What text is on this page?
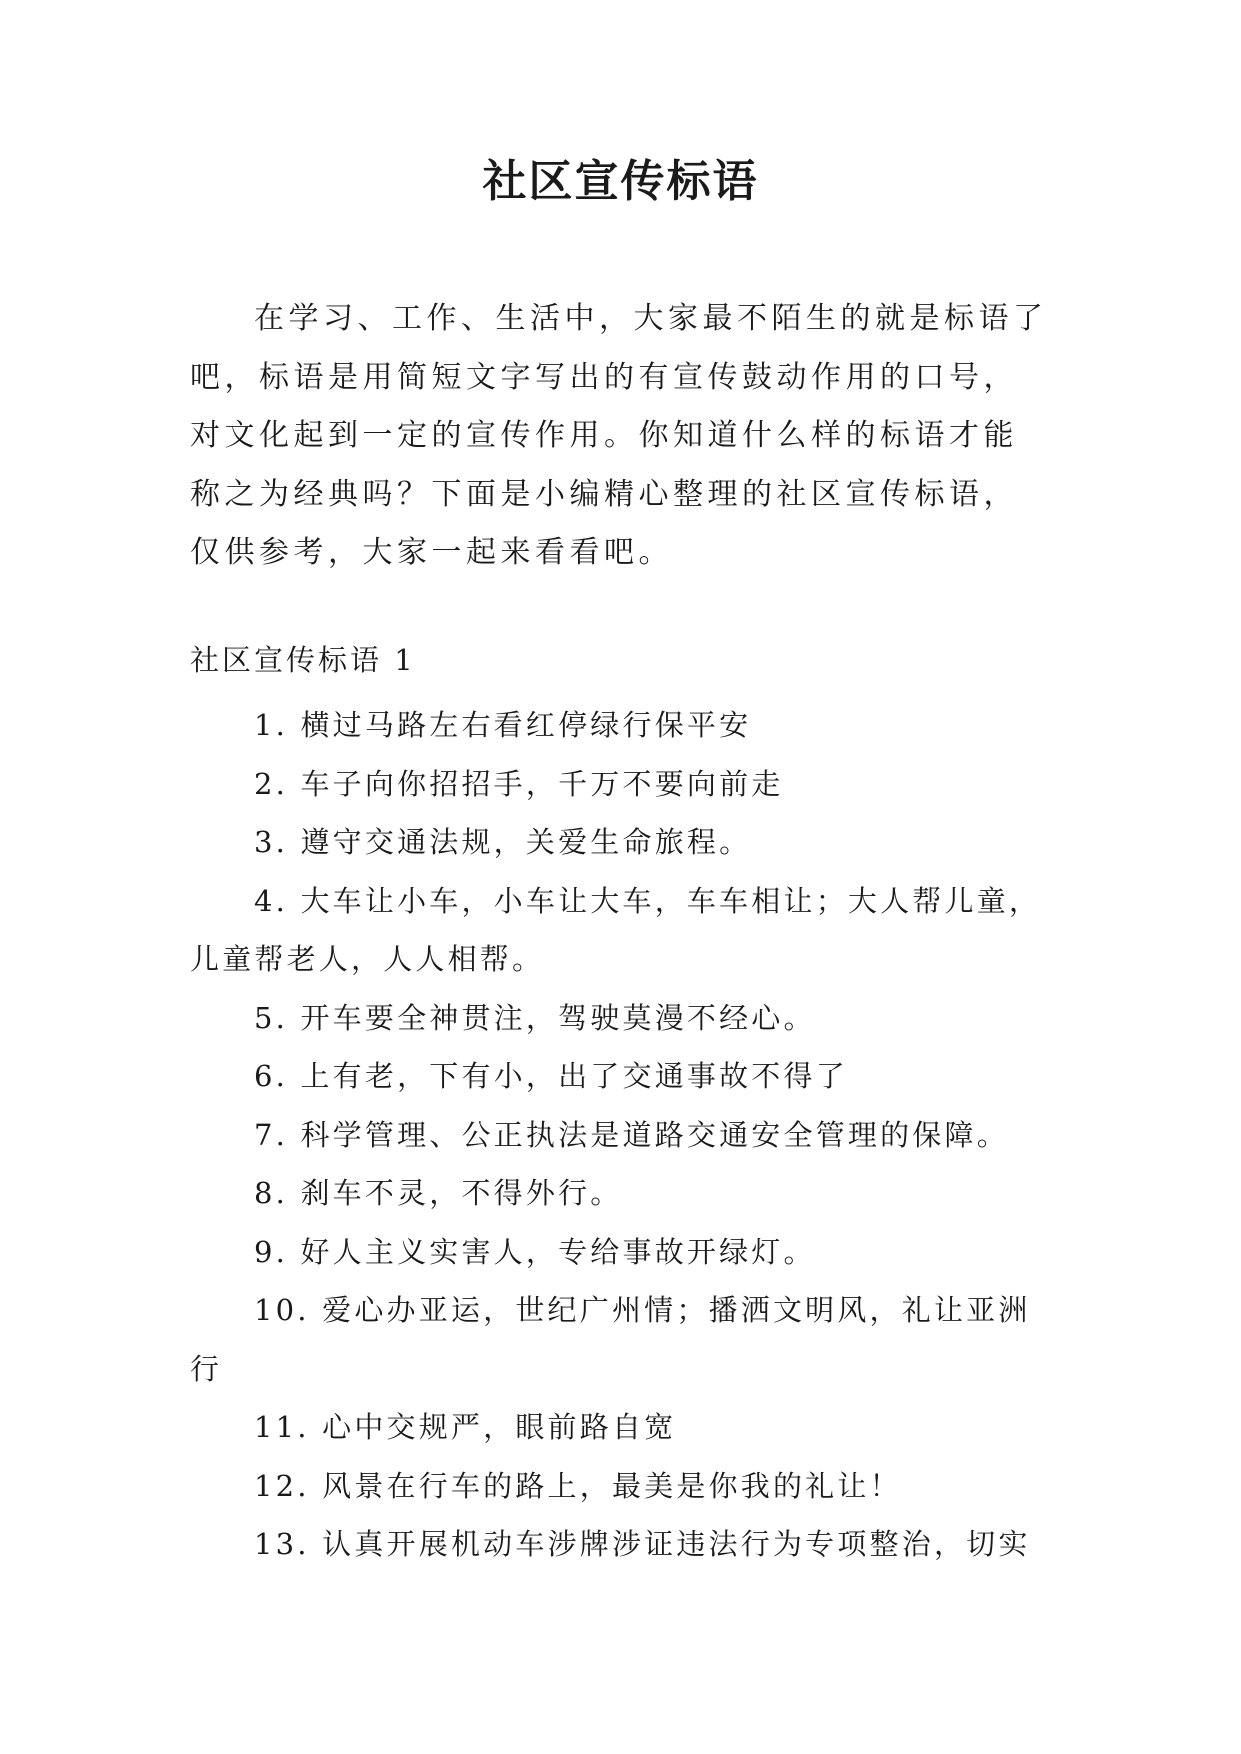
社区宣传标语

在学习、工作、生活中，大家最不陌生的就是标语了吧，标语是用简短文字写出的有宣传鼓动作用的口号，对文化起到一定的宣传作用。你知道什么样的标语才能称之为经典吗？下面是小编精心整理的社区宣传标语，仅供参考，大家一起来看看吧。

社区宣传标语 1

1. 横过马路左右看红停绿行保平安
2. 车子向你招招手，千万不要向前走
3. 遵守交通法规，关爱生命旅程。
4. 大车让小车，小车让大车，车车相让；大人帮儿童，儿童帮老人，人人相帮。
5. 开车要全神贯注，驾驶莫漫不经心。
6. 上有老，下有小，出了交通事故不得了
7. 科学管理、公正执法是道路交通安全管理的保障。
8. 刹车不灵，不得外行。
9. 好人主义实害人，专给事故开绿灯。
10. 爱心办亚运，世纪广州情；播洒文明风，礼让亚洲行
11. 心中交规严，眼前路自宽
12. 风景在行车的路上，最美是你我的礼让！
13. 认真开展机动车涉牌涉证违法行为专项整治，切实
